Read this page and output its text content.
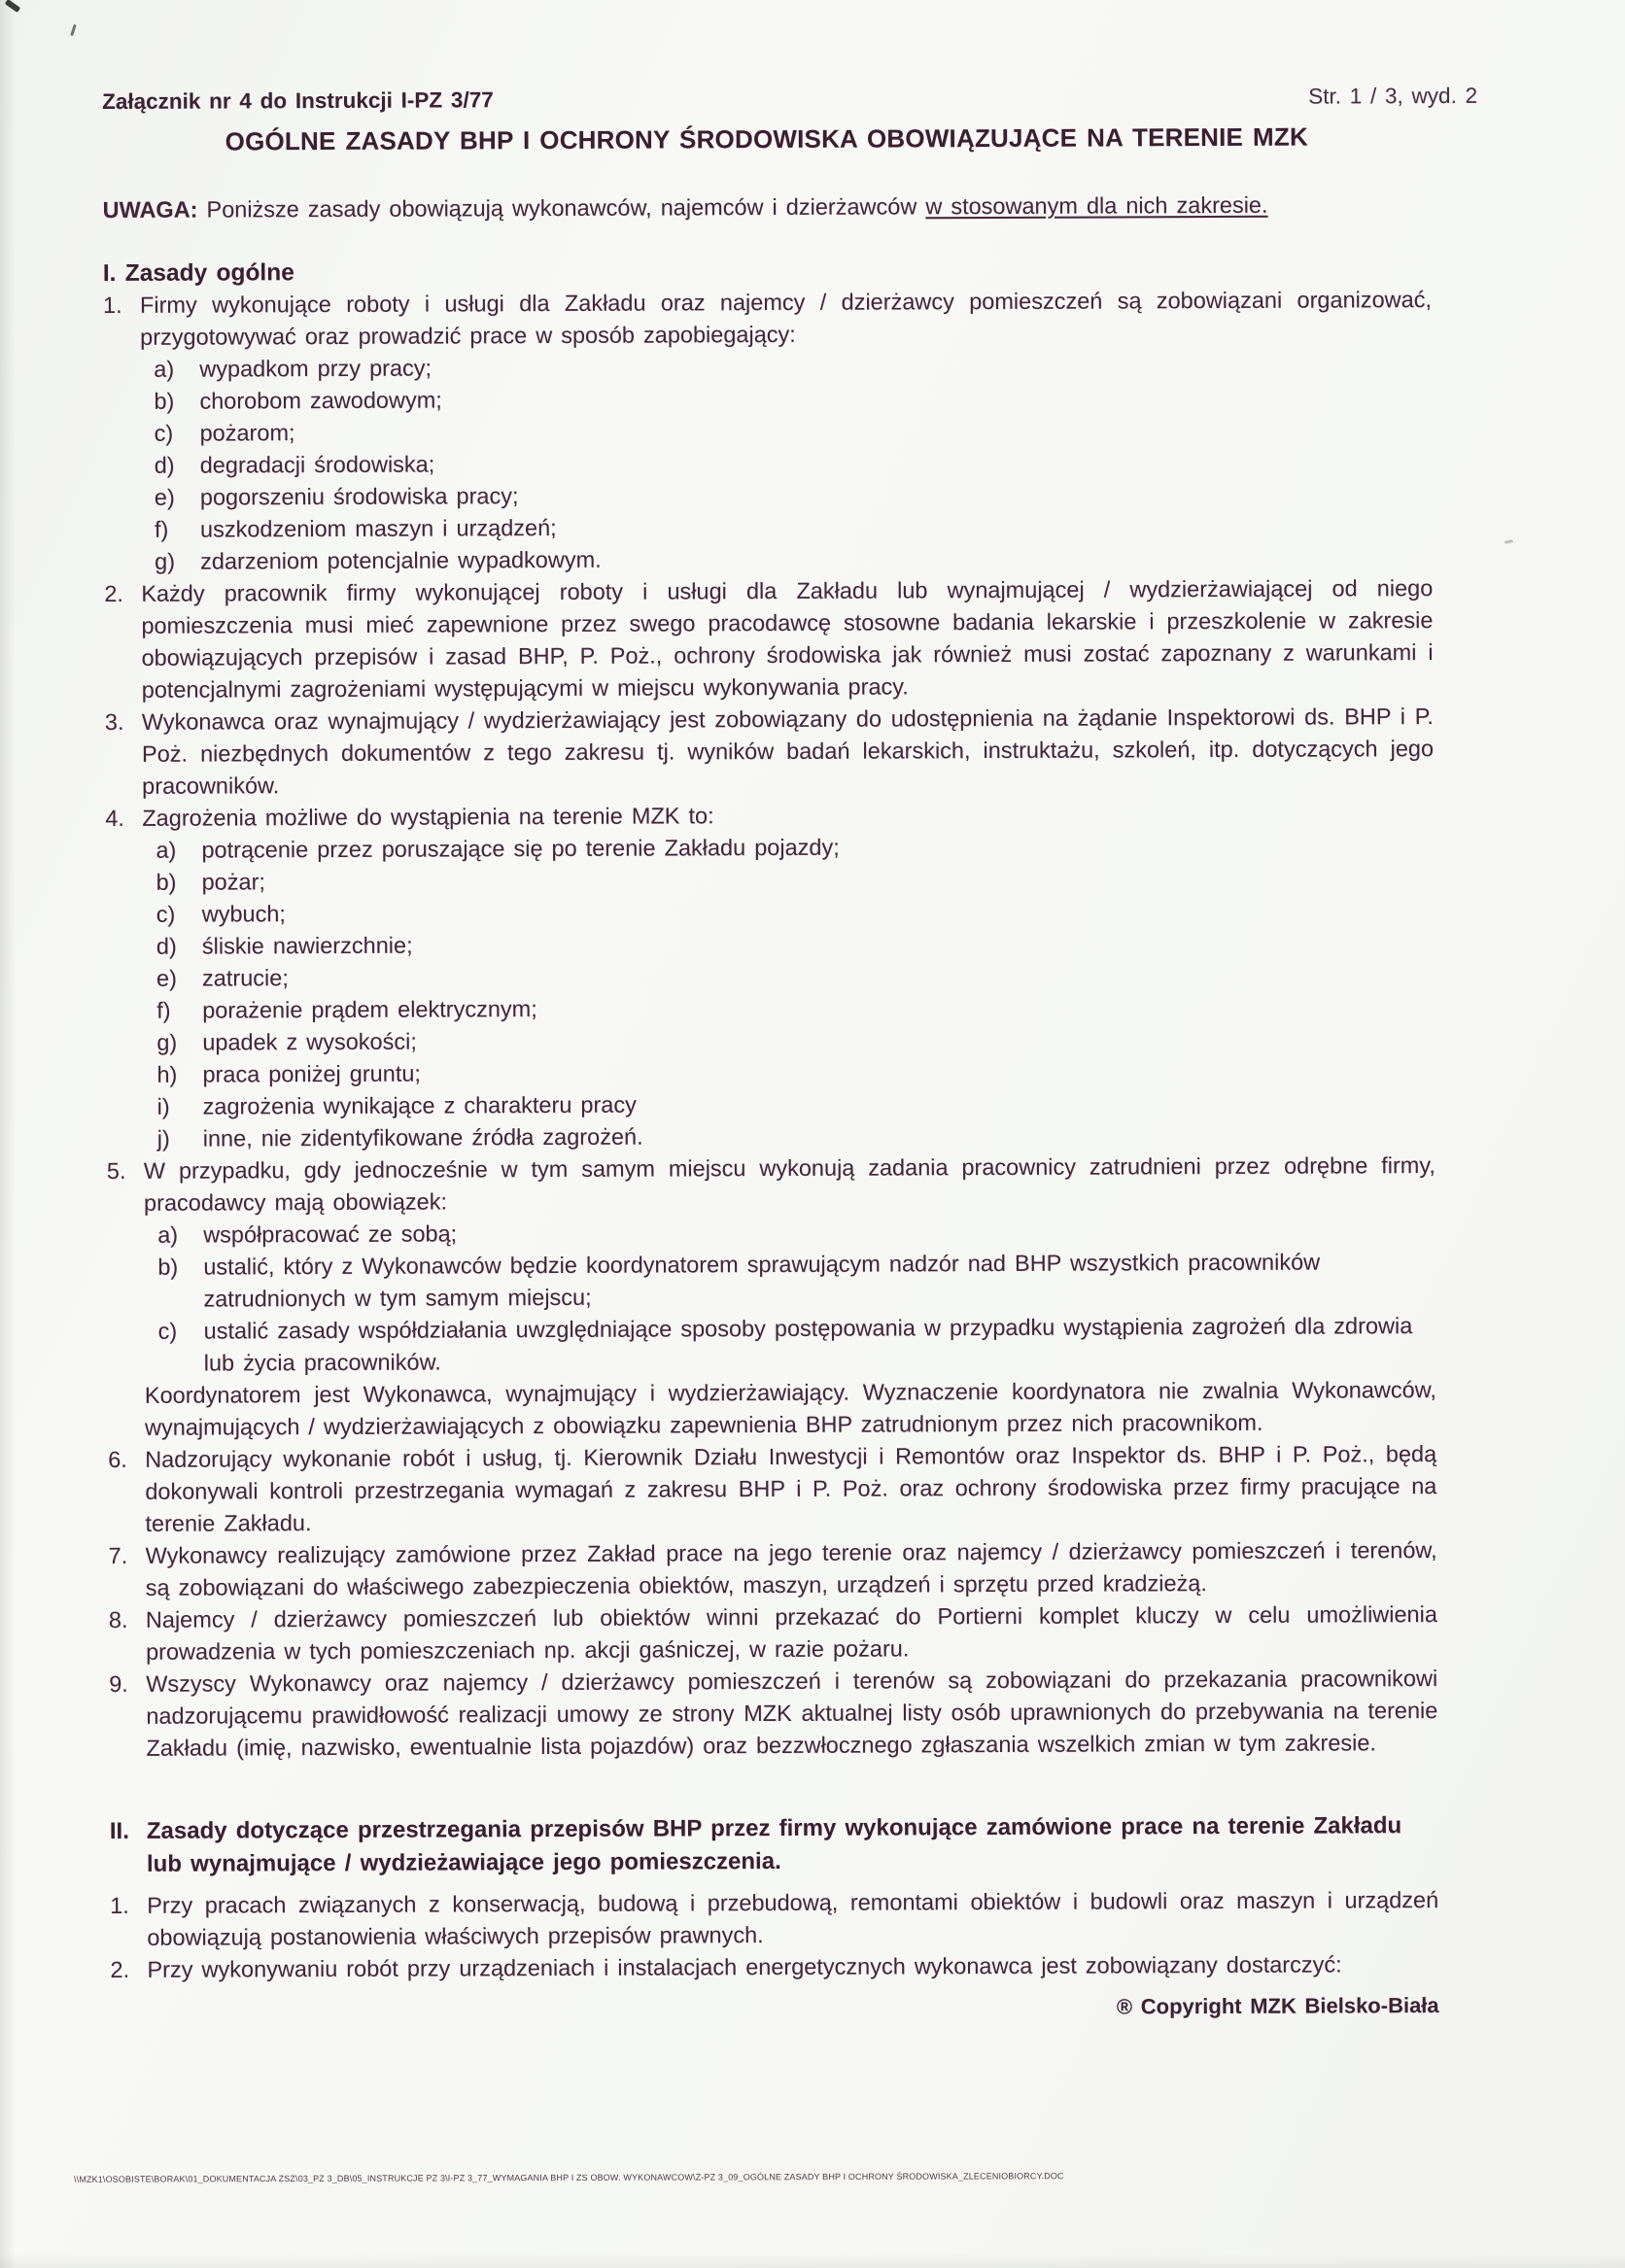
Załącznik nr 4 do Instrukcji I-PZ 3/77	Str. 1 / 3, wyd. 2
OGÓLNE ZASADY BHP I OCHRONY ŚRODOWISKA OBOWIĄZUJĄCE NA TERENIE MZK

UWAGA: Poniższe zasady obowiązują wykonawców, najemców i dzierżawców w stosowanym dla nich zakresie.

I. Zasady ogólne
1. Firmy wykonujące roboty i usługi dla Zakładu oraz najemcy / dzierżawcy pomieszczeń są zobowiązani organizować, przygotowywać oraz prowadzić prace w sposób zapobiegający:

a)	wypadkom przy pracy;

b)	chorobom zawodowym;

c)	pożarom;

d)	degradacji środowiska;

e)	pogorszeniu środowiska pracy;

f)	uszkodzeniom maszyn i urządzeń;

g)	zdarzeniom potencjalnie wypadkowym.

2. Każdy pracownik firmy wykonującej roboty i usługi dla Zakładu lub wynajmującej / wydzierżawiającej od niego pomieszczenia musi mieć zapewnione przez swego pracodawcę stosowne badania lekarskie i przeszkolenie w zakresie obowiązujących przepisów i zasad BHP, P. Poż., ochrony środowiska jak również musi zostać zapoznany z warunkami i potencjalnymi zagrożeniami występującymi w miejscu wykonywania pracy.

3. Wykonawca oraz wynajmujący / wydzierżawiający jest zobowiązany do udostępnienia na żądanie Inspektorowi ds. BHP i P. Poż. niezbędnych dokumentów z tego zakresu tj. wyników badań lekarskich, instruktażu, szkoleń, itp. dotyczących jego pracowników.

4. Zagrożenia możliwe do wystąpienia na terenie MZK to:

a)	potrącenie przez poruszające się po terenie Zakładu pojazdy;

b)	pożar;

c)	wybuch;

d)	śliskie nawierzchnie;

e)	zatrucie;

f)	porażenie prądem elektrycznym;

g)	upadek z wysokości;

h)	praca poniżej gruntu;

i)	zagrożenia wynikające z charakteru pracy

j)	inne, nie zidentyfikowane źródła zagrożeń.

5. W przypadku, gdy jednocześnie w tym samym miejscu wykonują zadania pracownicy zatrudnieni przez odrębne firmy, pracodawcy mają obowiązek:

a)	współpracować ze sobą;

b)	ustalić, który z Wykonawców będzie koordynatorem sprawującym nadzór nad BHP wszystkich pracowników zatrudnionych w tym samym miejscu;

c)	ustalić zasady współdziałania uwzględniające sposoby postępowania w przypadku wystąpienia zagrożeń dla zdrowia lub życia pracowników.

Koordynatorem jest Wykonawca, wynajmujący i wydzierżawiający. Wyznaczenie koordynatora nie zwalnia Wykonawców, wynajmujących / wydzierżawiających z obowiązku zapewnienia BHP zatrudnionym przez nich pracownikom.

6. Nadzorujący wykonanie robót i usług, tj. Kierownik Działu Inwestycji i Remontów oraz Inspektor ds. BHP i P. Poż., będą dokonywali kontroli przestrzegania wymagań z zakresu BHP i P. Poż. oraz ochrony środowiska przez firmy pracujące na terenie Zakładu.

7. Wykonawcy realizujący zamówione przez Zakład prace na jego terenie oraz najemcy / dzierżawcy pomieszczeń i terenów, są zobowiązani do właściwego zabezpieczenia obiektów, maszyn, urządzeń i sprzętu przed kradzieżą.

8. Najemcy / dzierżawcy pomieszczeń lub obiektów winni przekazać do Portierni komplet kluczy w celu umożliwienia prowadzenia w tych pomieszczeniach np. akcji gaśniczej, w razie pożaru.

9. Wszyscy Wykonawcy oraz najemcy / dzierżawcy pomieszczeń i terenów są zobowiązani do przekazania pracownikowi nadzorującemu prawidłowość realizacji umowy ze strony MZK aktualnej listy osób uprawnionych do przebywania na terenie Zakładu (imię, nazwisko, ewentualnie lista pojazdów) oraz bezzwłocznego zgłaszania wszelkich zmian w tym zakresie.

II. Zasady dotyczące przestrzegania przepisów BHP przez firmy wykonujące zamówione prace na terenie Zakładu lub wynajmujące / wydzieżawiające jego pomieszczenia.
1. Przy pracach związanych z konserwacją, budową i przebudową, remontami obiektów i budowli oraz maszyn i urządzeń obowiązują postanowienia właściwych przepisów prawnych.

2. Przy wykonywaniu robót przy urządzeniach i instalacjach energetycznych wykonawca jest zobowiązany dostarczyć:

® Copyright MZK Bielsko-Biała
\\MZK1\OSOBISTE\BORAK\01_DOKUMENTACJA ZSZ\03_PZ 3_DB\05_INSTRUKCJE PZ 3\I-PZ 3_77_WYMAGANIA BHP I ZS OBOW. WYKONAWCOW\Z-PZ 3_09_OGÓLNE ZASADY BHP I OCHRONY ŚRODOWISKA_ZLECENIOBIORCY.DOC
